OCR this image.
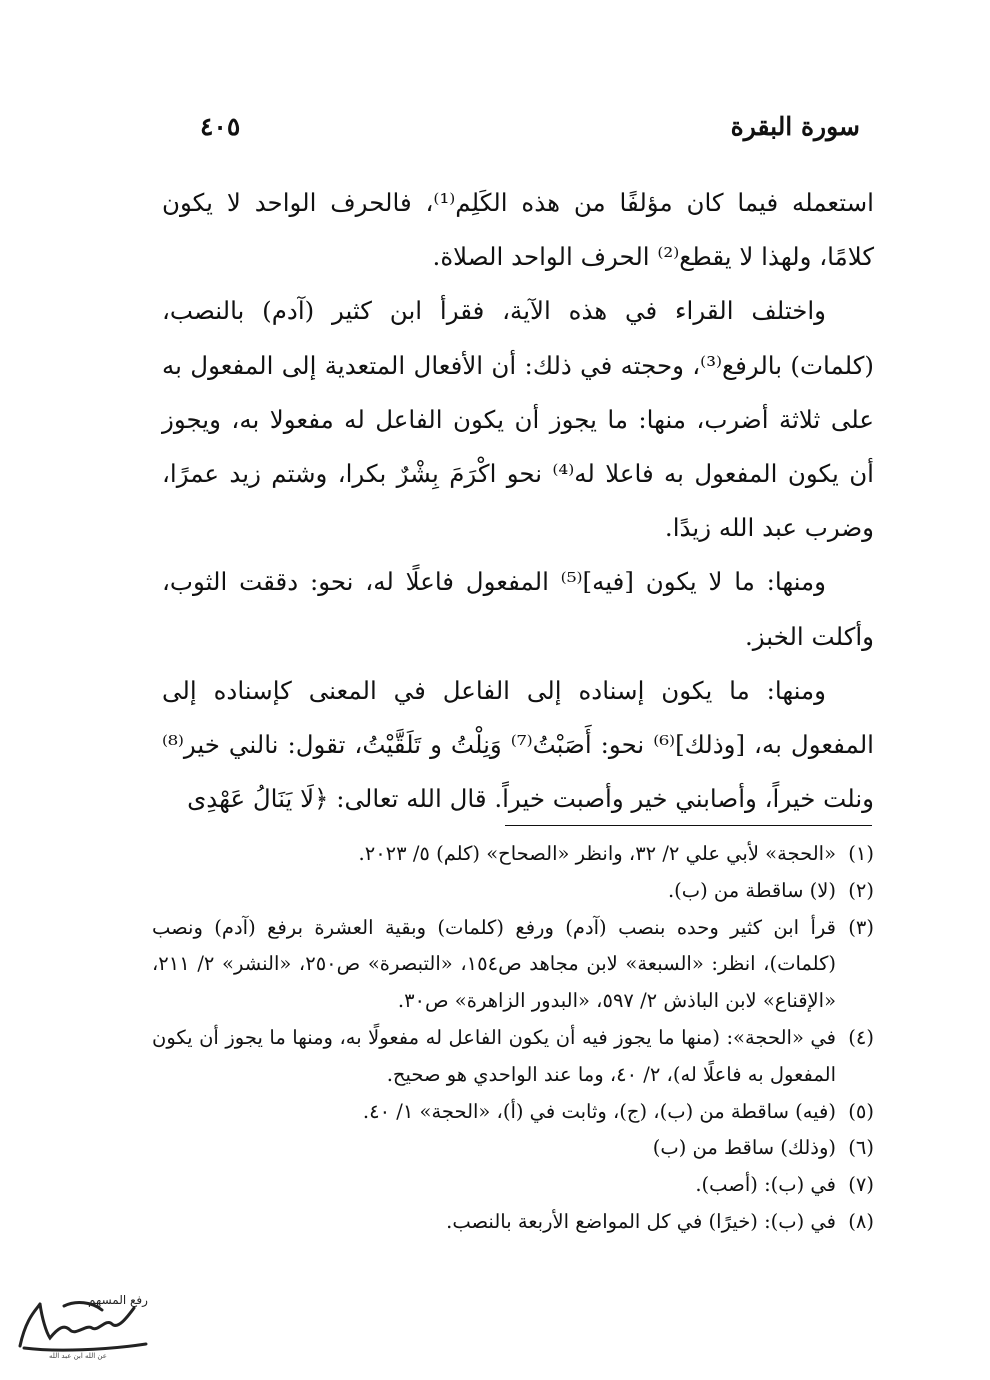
سورة البقرة
٤٠٥

استعمله فيما كان مؤلفًا من هذه الكَلِم⁽¹⁾، فالحرف الواحد لا يكون كلامًا، ولهذا لا يقطع⁽²⁾ الحرف الواحد الصلاة.

واختلف القراء في هذه الآية، فقرأ ابن كثير (آدم) بالنصب، (كلمات) بالرفع⁽³⁾، وحجته في ذلك: أن الأفعال المتعدية إلى المفعول به على ثلاثة أضرب، منها: ما يجوز أن يكون الفاعل له مفعولا به، ويجوز أن يكون المفعول به فاعلا له⁽⁴⁾ نحو اكْرَمَ بِشْرٌ بكرا، وشتم زيد عمرًا، وضرب عبد الله زيدًا.

ومنها: ما لا يكون [فيه]⁽⁵⁾ المفعول فاعلًا له، نحو: دققت الثوب، وأكلت الخبز.

ومنها: ما يكون إسناده إلى الفاعل في المعنى كإسناده إلى المفعول به، [وذلك]⁽⁶⁾ نحو: أَصَبْتُ⁽⁷⁾ وَنِلْتُ و تَلَقَّيْتُ، تقول: نالني خير⁽⁸⁾ ونلت خيراً، وأصابني خير وأصبت خيراً. قال الله تعالى: ﴿لَا يَنَالُ عَهْدِى

(١)
«الحجة» لأبي علي ٢/ ٣٢، وانظر «الصحاح» (كلم) ٥/ ٢٠٢٣.
(٢)
(لا) ساقطة من (ب).
(٣)
قرأ ابن كثير وحده بنصب (آدم) ورفع (كلمات) وبقية العشرة برفع (آدم) ونصب (كلمات)، انظر: «السبعة» لابن مجاهد ص١٥٤، «التبصرة» ص٢٥٠، «النشر» ٢/ ٢١١، «الإقناع» لابن الباذش ٢/ ٥٩٧، «البدور الزاهرة» ص٣٠.
(٤)
في «الحجة»: (منها ما يجوز فيه أن يكون الفاعل له مفعولًا به، ومنها ما يجوز أن يكون المفعول به فاعلًا له)، ٢/ ٤٠، وما عند الواحدي هو صحيح.
(٥)
(فيه) ساقطة من (ب)، (ج)، وثابت في (أ)، «الحجة» ١/ ٤٠.
(٦)
(وذلك) ساقط من (ب)
(٧)
في (ب): (أصب).
(٨)
في (ب): (خيرًا) في كل المواضع الأربعة بالنصب.
رفع المسهم
عن الله ابن عبد الله
